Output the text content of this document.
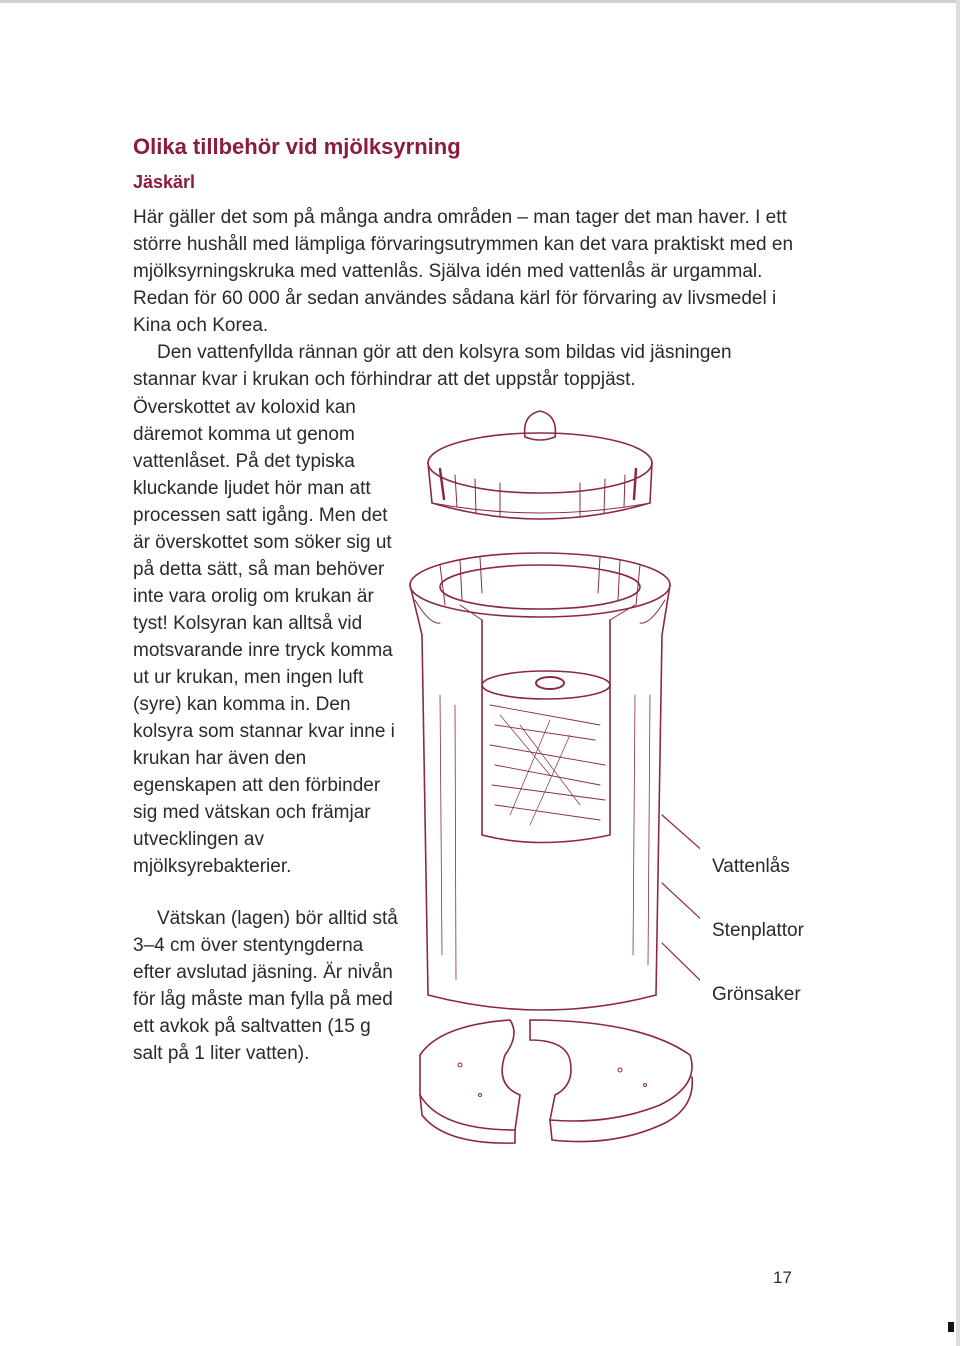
Olika tillbehör vid mjölksyrning
Jäskärl

Här gäller det som på många andra områden – man tager det man haver. I ett större hushåll med lämpliga förvaringsutrymmen kan det vara praktiskt med en mjölksyrningskruka med vattenlås. Själva idén med vattenlås är urgammal. Redan för 60 000 år sedan användes sådana kärl för förvaring av livsmedel i Kina och Korea.

Den vattenfyllda rännan gör att den kolsyra som bildas vid jäsningen stannar kvar i krukan och förhindrar att det uppstår toppjäst.

Överskottet av koloxid kan däremot komma ut genom vattenlåset. På det typiska kluckande ljudet hör man att processen satt igång. Men det är överskottet som söker sig ut på detta sätt, så man behöver inte vara orolig om krukan är tyst! Kolsyran kan alltså vid motsvarande inre tryck komma ut ur krukan, men ingen luft (syre) kan komma in. Den kolsyra som stannar kvar inne i krukan har även den egenskapen att den förbinder sig med vätskan och främjar utvecklingen av mjölksyrebakterier.

Vätskan (lagen) bör alltid stå 3–4 cm över stentyngderna efter avslutad jäsning. Är nivån för låg måste man fylla på med ett avkok på saltvatten (15 g salt på 1 liter vatten).

Vattenlås
Stenplattor
Grönsaker
17
